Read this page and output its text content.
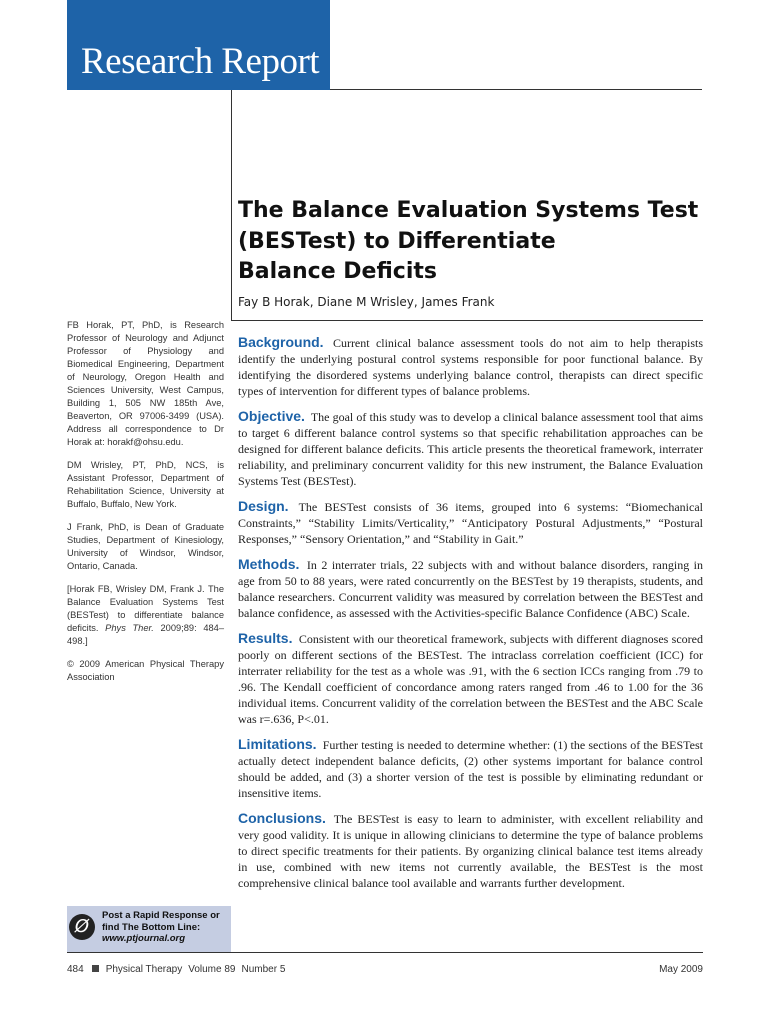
Research Report
The Balance Evaluation Systems Test
(BESTest) to Differentiate
Balance Deficits
Fay B Horak, Diane M Wrisley, James Frank

FB Horak, PT, PhD, is Research Professor of Neurology and Adjunct Professor of Physiology and Biomedical Engineering, Department of Neurology, Oregon Health and Sciences University, West Campus, Building 1, 505 NW 185th Ave, Beaverton, OR 97006-3499 (USA). Address all correspondence to Dr Horak at: horakf@ohsu.edu.

DM Wrisley, PT, PhD, NCS, is Assistant Professor, Department of Rehabilitation Science, University at Buffalo, Buffalo, New York.

J Frank, PhD, is Dean of Graduate Studies, Department of Kinesiology, University of Windsor, Windsor, Ontario, Canada.

[Horak FB, Wrisley DM, Frank J. The Balance Evaluation Systems Test (BESTest) to differentiate balance deficits. Phys Ther. 2009;89: 484–498.]

© 2009 American Physical Therapy Association

Background. Current clinical balance assessment tools do not aim to help therapists identify the underlying postural control systems responsible for poor functional balance. By identifying the disordered systems underlying balance control, therapists can direct specific types of intervention for different types of balance problems.

Objective. The goal of this study was to develop a clinical balance assessment tool that aims to target 6 different balance control systems so that specific rehabilitation approaches can be designed for different balance deficits. This article presents the theoretical framework, interrater reliability, and preliminary concurrent validity for this new instrument, the Balance Evaluation Systems Test (BESTest).

Design. The BESTest consists of 36 items, grouped into 6 systems: “Biomechanical Constraints,” “Stability Limits/Verticality,” “Anticipatory Postural Adjustments,” “Postural Responses,” “Sensory Orientation,” and “Stability in Gait.”

Methods. In 2 interrater trials, 22 subjects with and without balance disorders, ranging in age from 50 to 88 years, were rated concurrently on the BESTest by 19 therapists, students, and balance researchers. Concurrent validity was measured by correlation between the BESTest and balance confidence, as assessed with the Activities-specific Balance Confidence (ABC) Scale.

Results. Consistent with our theoretical framework, subjects with different diagnoses scored poorly on different sections of the BESTest. The intraclass correlation coefficient (ICC) for interrater reliability for the test as a whole was .91, with the 6 section ICCs ranging from .79 to .96. The Kendall coefficient of concordance among raters ranged from .46 to 1.00 for the 36 individual items. Concurrent validity of the correlation between the BESTest and the ABC Scale was r=.636, P<.01.

Limitations. Further testing is needed to determine whether: (1) the sections of the BESTest actually detect independent balance deficits, (2) other systems important for balance control should be added, and (3) a shorter version of the test is possible by eliminating redundant or insensitive items.

Conclusions. The BESTest is easy to learn to administer, with excellent reliability and very good validity. It is unique in allowing clinicians to determine the type of balance problems to direct specific treatments for their patients. By organizing clinical balance test items already in use, combined with new items not currently available, the BESTest is the most comprehensive clinical balance tool available and warrants further development.

Ø
Post a Rapid Response or
find The Bottom Line:
www.ptjournal.org
484 Physical Therapy Volume 89 Number 5	May 2009
